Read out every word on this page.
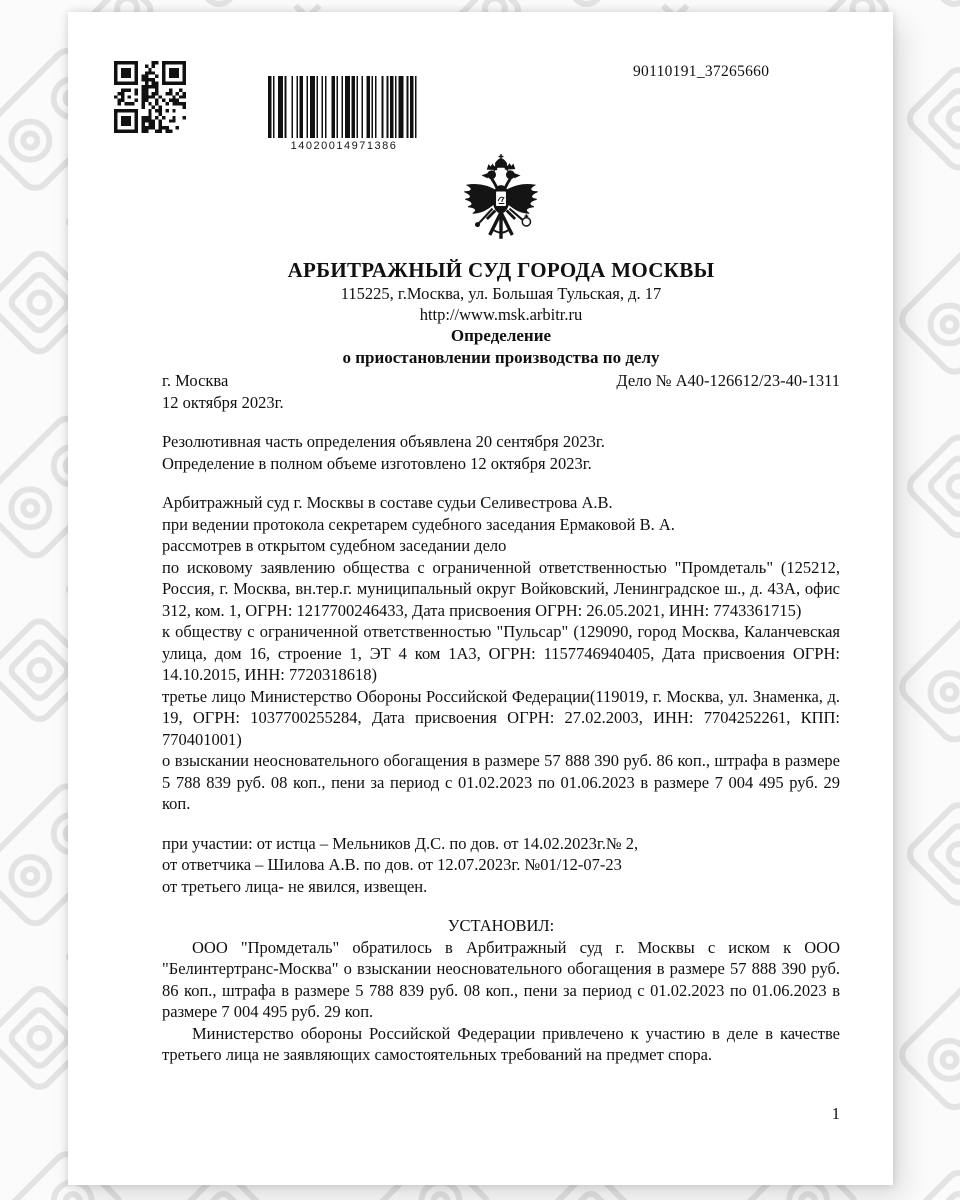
14020014971386
90110191_37265660
АРБИТРАЖНЫЙ СУД ГОРОДА МОСКВЫ
115225, г.Москва, ул. Большая Тульская, д. 17
http://www.msk.arbitr.ru
Определение
о приостановлении производства по делу
г. Москва	Дело № А40-126612/23-40-1311
12 октября 2023г.
Резолютивная часть определения объявлена 20 сентября 2023г.
Определение в полном объеме изготовлено 12 октября 2023г.
Арбитражный суд г. Москвы в составе судьи Селивестрова А.В.
при ведении протокола секретарем судебного заседания Ермаковой В. А.
рассмотрев в открытом судебном заседании дело
по исковому заявлению общества с ограниченной ответственностью "Промдеталь" (125212, Россия, г. Москва, вн.тер.г. муниципальный округ Войковский, Ленинградское ш., д. 43А, офис 312, ком. 1, ОГРН: 1217700246433, Дата присвоения ОГРН: 26.05.2021, ИНН: 7743361715)
к обществу с ограниченной ответственностью "Пульсар" (129090, город Москва, Каланчевская улица, дом 16, строение 1, ЭТ 4 ком 1А3, ОГРН: 1157746940405, Дата присвоения ОГРН: 14.10.2015, ИНН: 7720318618)
третье лицо Министерство Обороны Российской Федерации(119019, г. Москва, ул. Знаменка, д. 19, ОГРН: 1037700255284, Дата присвоения ОГРН: 27.02.2003, ИНН: 7704252261, КПП: 770401001)
о взыскании неосновательного обогащения в размере 57 888 390 руб. 86 коп., штрафа в размере 5 788 839 руб. 08 коп., пени за период с 01.02.2023 по 01.06.2023 в размере 7 004 495 руб. 29 коп.
при участии: от истца – Мельников Д.С. по дов. от 14.02.2023г.№ 2,
от ответчика – Шилова А.В. по дов. от 12.07.2023г. №01/12-07-23
от третьего лица- не явился, извещен.
УСТАНОВИЛ:
ООО "Промдеталь" обратилось в Арбитражный суд г. Москвы с иском к ООО "Белинтертранс-Москва" о взыскании неосновательного обогащения в размере 57 888 390 руб. 86 коп., штрафа в размере 5 788 839 руб. 08 коп., пени за период с 01.02.2023 по 01.06.2023 в размере 7 004 495 руб. 29 коп.
Министерство обороны Российской Федерации привлечено к участию в деле в качестве третьего лица не заявляющих самостоятельных требований на предмет спора.
1
